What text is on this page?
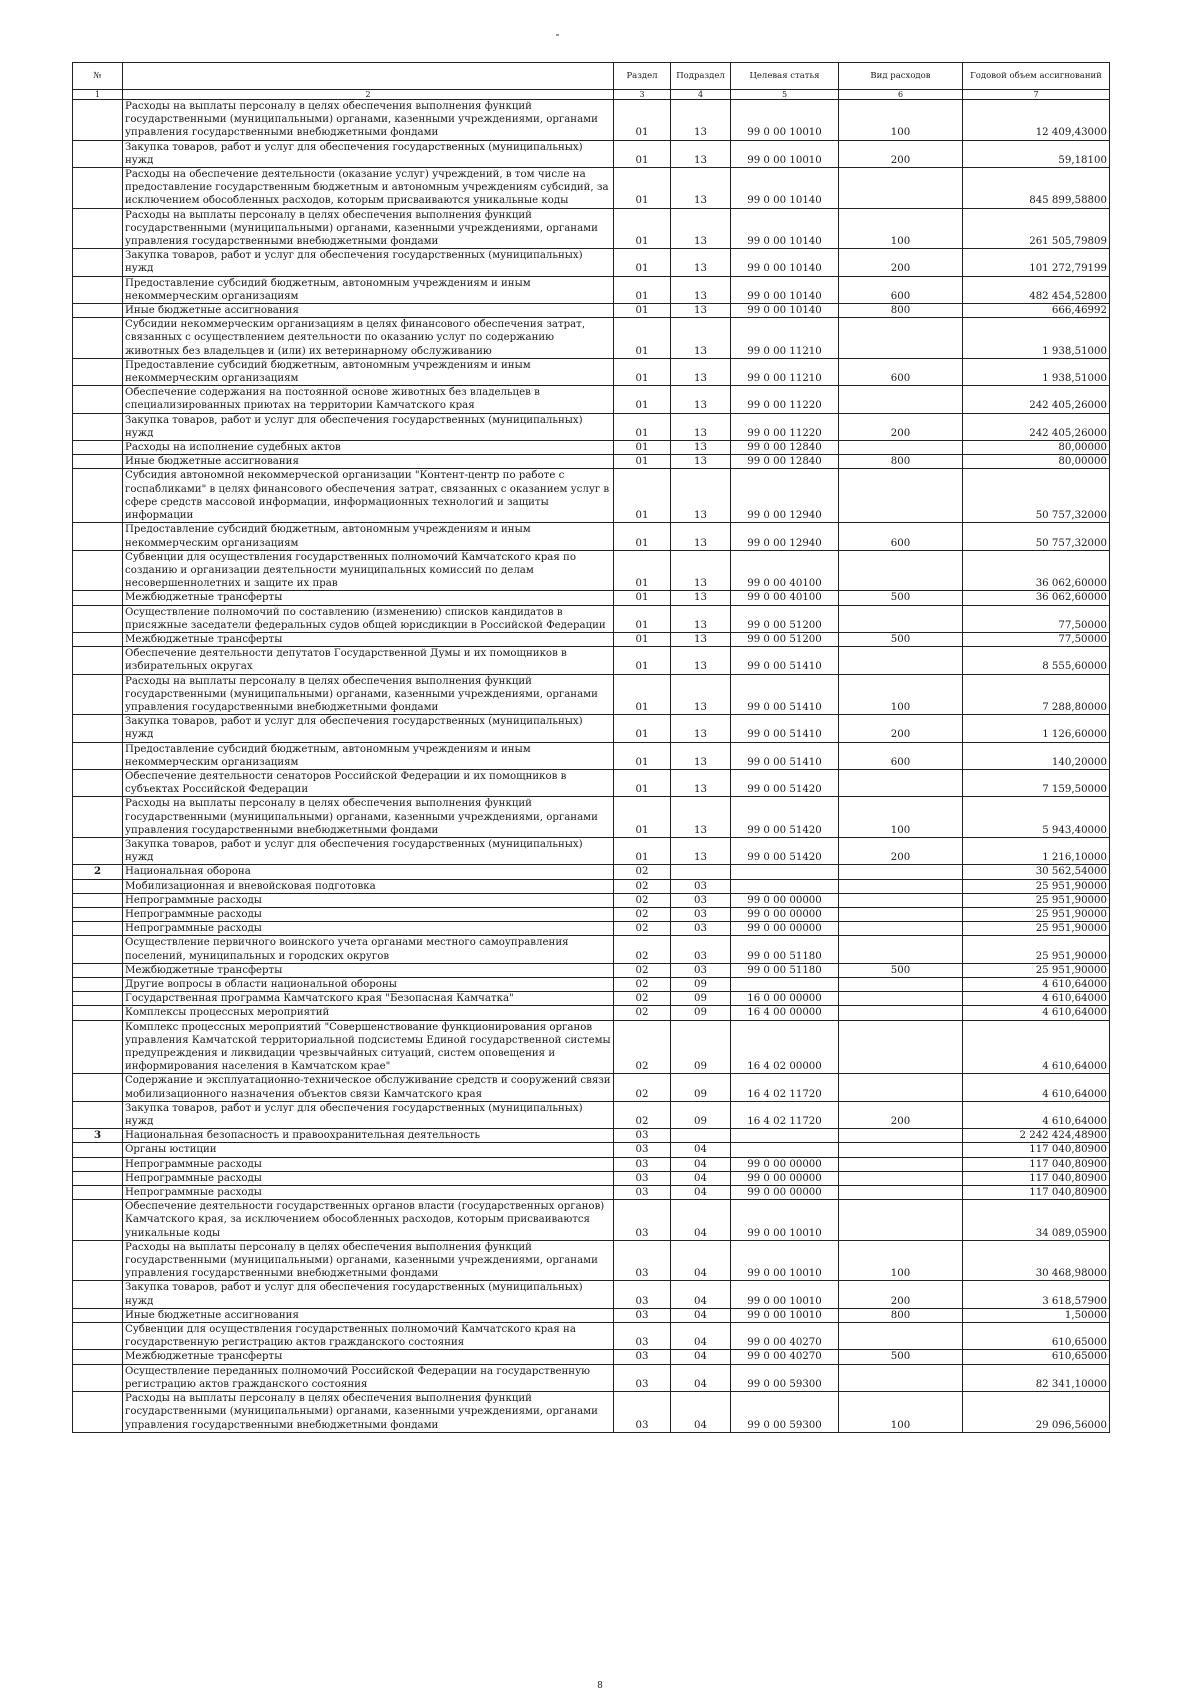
№		Раздел	Подраздел	Целевая статья	Вид расходов	Годовой объем ассигнований
1	2	3	4	5	6	7
	Расходы на выплаты персоналу в целях обеспечения выполнения функций государственными (муниципальными) органами, казенными учреждениями, органами управления государственными внебюджетными фондами	01	13	99 0 00 10010	100	12 409,43000
	Закупка товаров, работ и услуг для обеспечения государственных (муниципальных) нужд	01	13	99 0 00 10010	200	59,18100
	Расходы на обеспечение деятельности (оказание услуг) учреждений, в том числе на предоставление государственным бюджетным и автономным учреждениям субсидий, за исключением обособленных расходов, которым присваиваются уникальные коды	01	13	99 0 00 10140		845 899,58800
	Расходы на выплаты персоналу в целях обеспечения выполнения функций государственными (муниципальными) органами, казенными учреждениями, органами управления государственными внебюджетными фондами	01	13	99 0 00 10140	100	261 505,79809
	Закупка товаров, работ и услуг для обеспечения государственных (муниципальных) нужд	01	13	99 0 00 10140	200	101 272,79199
	Предоставление субсидий бюджетным, автономным учреждениям и иным некоммерческим организациям	01	13	99 0 00 10140	600	482 454,52800
	Иные бюджетные ассигнования	01	13	99 0 00 10140	800	666,46992
	Субсидии некоммерческим организациям в целях финансового обеспечения затрат, связанных с осуществлением деятельности по оказанию услуг по содержанию животных без владельцев и (или) их ветеринарному обслуживанию	01	13	99 0 00 11210		1 938,51000
	Предоставление субсидий бюджетным, автономным учреждениям и иным некоммерческим организациям	01	13	99 0 00 11210	600	1 938,51000
	Обеспечение содержания на постоянной основе животных без владельцев в специализированных приютах на территории Камчатского края	01	13	99 0 00 11220		242 405,26000
	Закупка товаров, работ и услуг для обеспечения государственных (муниципальных) нужд	01	13	99 0 00 11220	200	242 405,26000
	Расходы на исполнение судебных актов	01	13	99 0 00 12840		80,00000
	Иные бюджетные ассигнования	01	13	99 0 00 12840	800	80,00000
	Субсидия автономной некоммерческой организации "Контент-центр по работе с госпабликами" в целях финансового обеспечения затрат, связанных с оказанием услуг в сфере средств массовой информации, информационных технологий и защиты информации	01	13	99 0 00 12940		50 757,32000
	Предоставление субсидий бюджетным, автономным учреждениям и иным некоммерческим организациям	01	13	99 0 00 12940	600	50 757,32000
	Субвенции для осуществления государственных полномочий Камчатского края по созданию и организации деятельности муниципальных комиссий по делам несовершеннолетних и защите их прав	01	13	99 0 00 40100		36 062,60000
	Межбюджетные трансферты	01	13	99 0 00 40100	500	36 062,60000
	Осуществление полномочий по составлению (изменению) списков кандидатов в присяжные заседатели федеральных судов общей юрисдикции в Российской Федерации	01	13	99 0 00 51200		77,50000
	Межбюджетные трансферты	01	13	99 0 00 51200	500	77,50000
	Обеспечение деятельности депутатов Государственной Думы и их помощников в избирательных округах	01	13	99 0 00 51410		8 555,60000
	Расходы на выплаты персоналу в целях обеспечения выполнения функций государственными (муниципальными) органами, казенными учреждениями, органами управления государственными внебюджетными фондами	01	13	99 0 00 51410	100	7 288,80000
	Закупка товаров, работ и услуг для обеспечения государственных (муниципальных) нужд	01	13	99 0 00 51410	200	1 126,60000
	Предоставление субсидий бюджетным, автономным учреждениям и иным некоммерческим организациям	01	13	99 0 00 51410	600	140,20000
	Обеспечение деятельности сенаторов Российской Федерации и их помощников в субъектах Российской Федерации	01	13	99 0 00 51420		7 159,50000
	Расходы на выплаты персоналу в целях обеспечения выполнения функций государственными (муниципальными) органами, казенными учреждениями, органами управления государственными внебюджетными фондами	01	13	99 0 00 51420	100	5 943,40000
	Закупка товаров, работ и услуг для обеспечения государственных (муниципальных) нужд	01	13	99 0 00 51420	200	1 216,10000
2	Национальная оборона	02				30 562,54000
	Мобилизационная и вневойсковая подготовка	02	03			25 951,90000
	Непрограммные расходы	02	03	99 0 00 00000		25 951,90000
	Непрограммные расходы	02	03	99 0 00 00000		25 951,90000
	Непрограммные расходы	02	03	99 0 00 00000		25 951,90000
	Осуществление первичного воинского учета органами местного самоуправления поселений, муниципальных и городских округов	02	03	99 0 00 51180		25 951,90000
	Межбюджетные трансферты	02	03	99 0 00 51180	500	25 951,90000
	Другие вопросы в области национальной обороны	02	09			4 610,64000
	Государственная программа Камчатского края "Безопасная Камчатка"	02	09	16 0 00 00000		4 610,64000
	Комплексы процессных мероприятий	02	09	16 4 00 00000		4 610,64000
	Комплекс процессных мероприятий "Совершенствование функционирования органов управления Камчатской территориальной подсистемы Единой государственной системы предупреждения и ликвидации чрезвычайных ситуаций, систем оповещения и информирования населения в Камчатском крае"	02	09	16 4 02 00000		4 610,64000
	Содержание и эксплуатационно-техническое обслуживание средств и сооружений связи мобилизационного назначения объектов связи Камчатского края	02	09	16 4 02 11720		4 610,64000
	Закупка товаров, работ и услуг для обеспечения государственных (муниципальных) нужд	02	09	16 4 02 11720	200	4 610,64000
3	Национальная безопасность и правоохранительная деятельность	03				2 242 424,48900
	Органы юстиции	03	04			117 040,80900
	Непрограммные расходы	03	04	99 0 00 00000		117 040,80900
	Непрограммные расходы	03	04	99 0 00 00000		117 040,80900
	Непрограммные расходы	03	04	99 0 00 00000		117 040,80900
	Обеспечение деятельности государственных органов власти (государственных органов) Камчатского края, за исключением обособленных расходов, которым присваиваются уникальные коды	03	04	99 0 00 10010		34 089,05900
	Расходы на выплаты персоналу в целях обеспечения выполнения функций государственными (муниципальными) органами, казенными учреждениями, органами управления государственными внебюджетными фондами	03	04	99 0 00 10010	100	30 468,98000
	Закупка товаров, работ и услуг для обеспечения государственных (муниципальных) нужд	03	04	99 0 00 10010	200	3 618,57900
	Иные бюджетные ассигнования	03	04	99 0 00 10010	800	1,50000
	Субвенции для осуществления государственных полномочий Камчатского края на государственную регистрацию актов гражданского состояния	03	04	99 0 00 40270		610,65000
	Межбюджетные трансферты	03	04	99 0 00 40270	500	610,65000
	Осуществление переданных полномочий Российской Федерации на государственную регистрацию актов гражданского состояния	03	04	99 0 00 59300		82 341,10000
	Расходы на выплаты персоналу в целях обеспечения выполнения функций государственными (муниципальными) органами, казенными учреждениями, органами управления государственными внебюджетными фондами	03	04	99 0 00 59300	100	29 096,56000
8
